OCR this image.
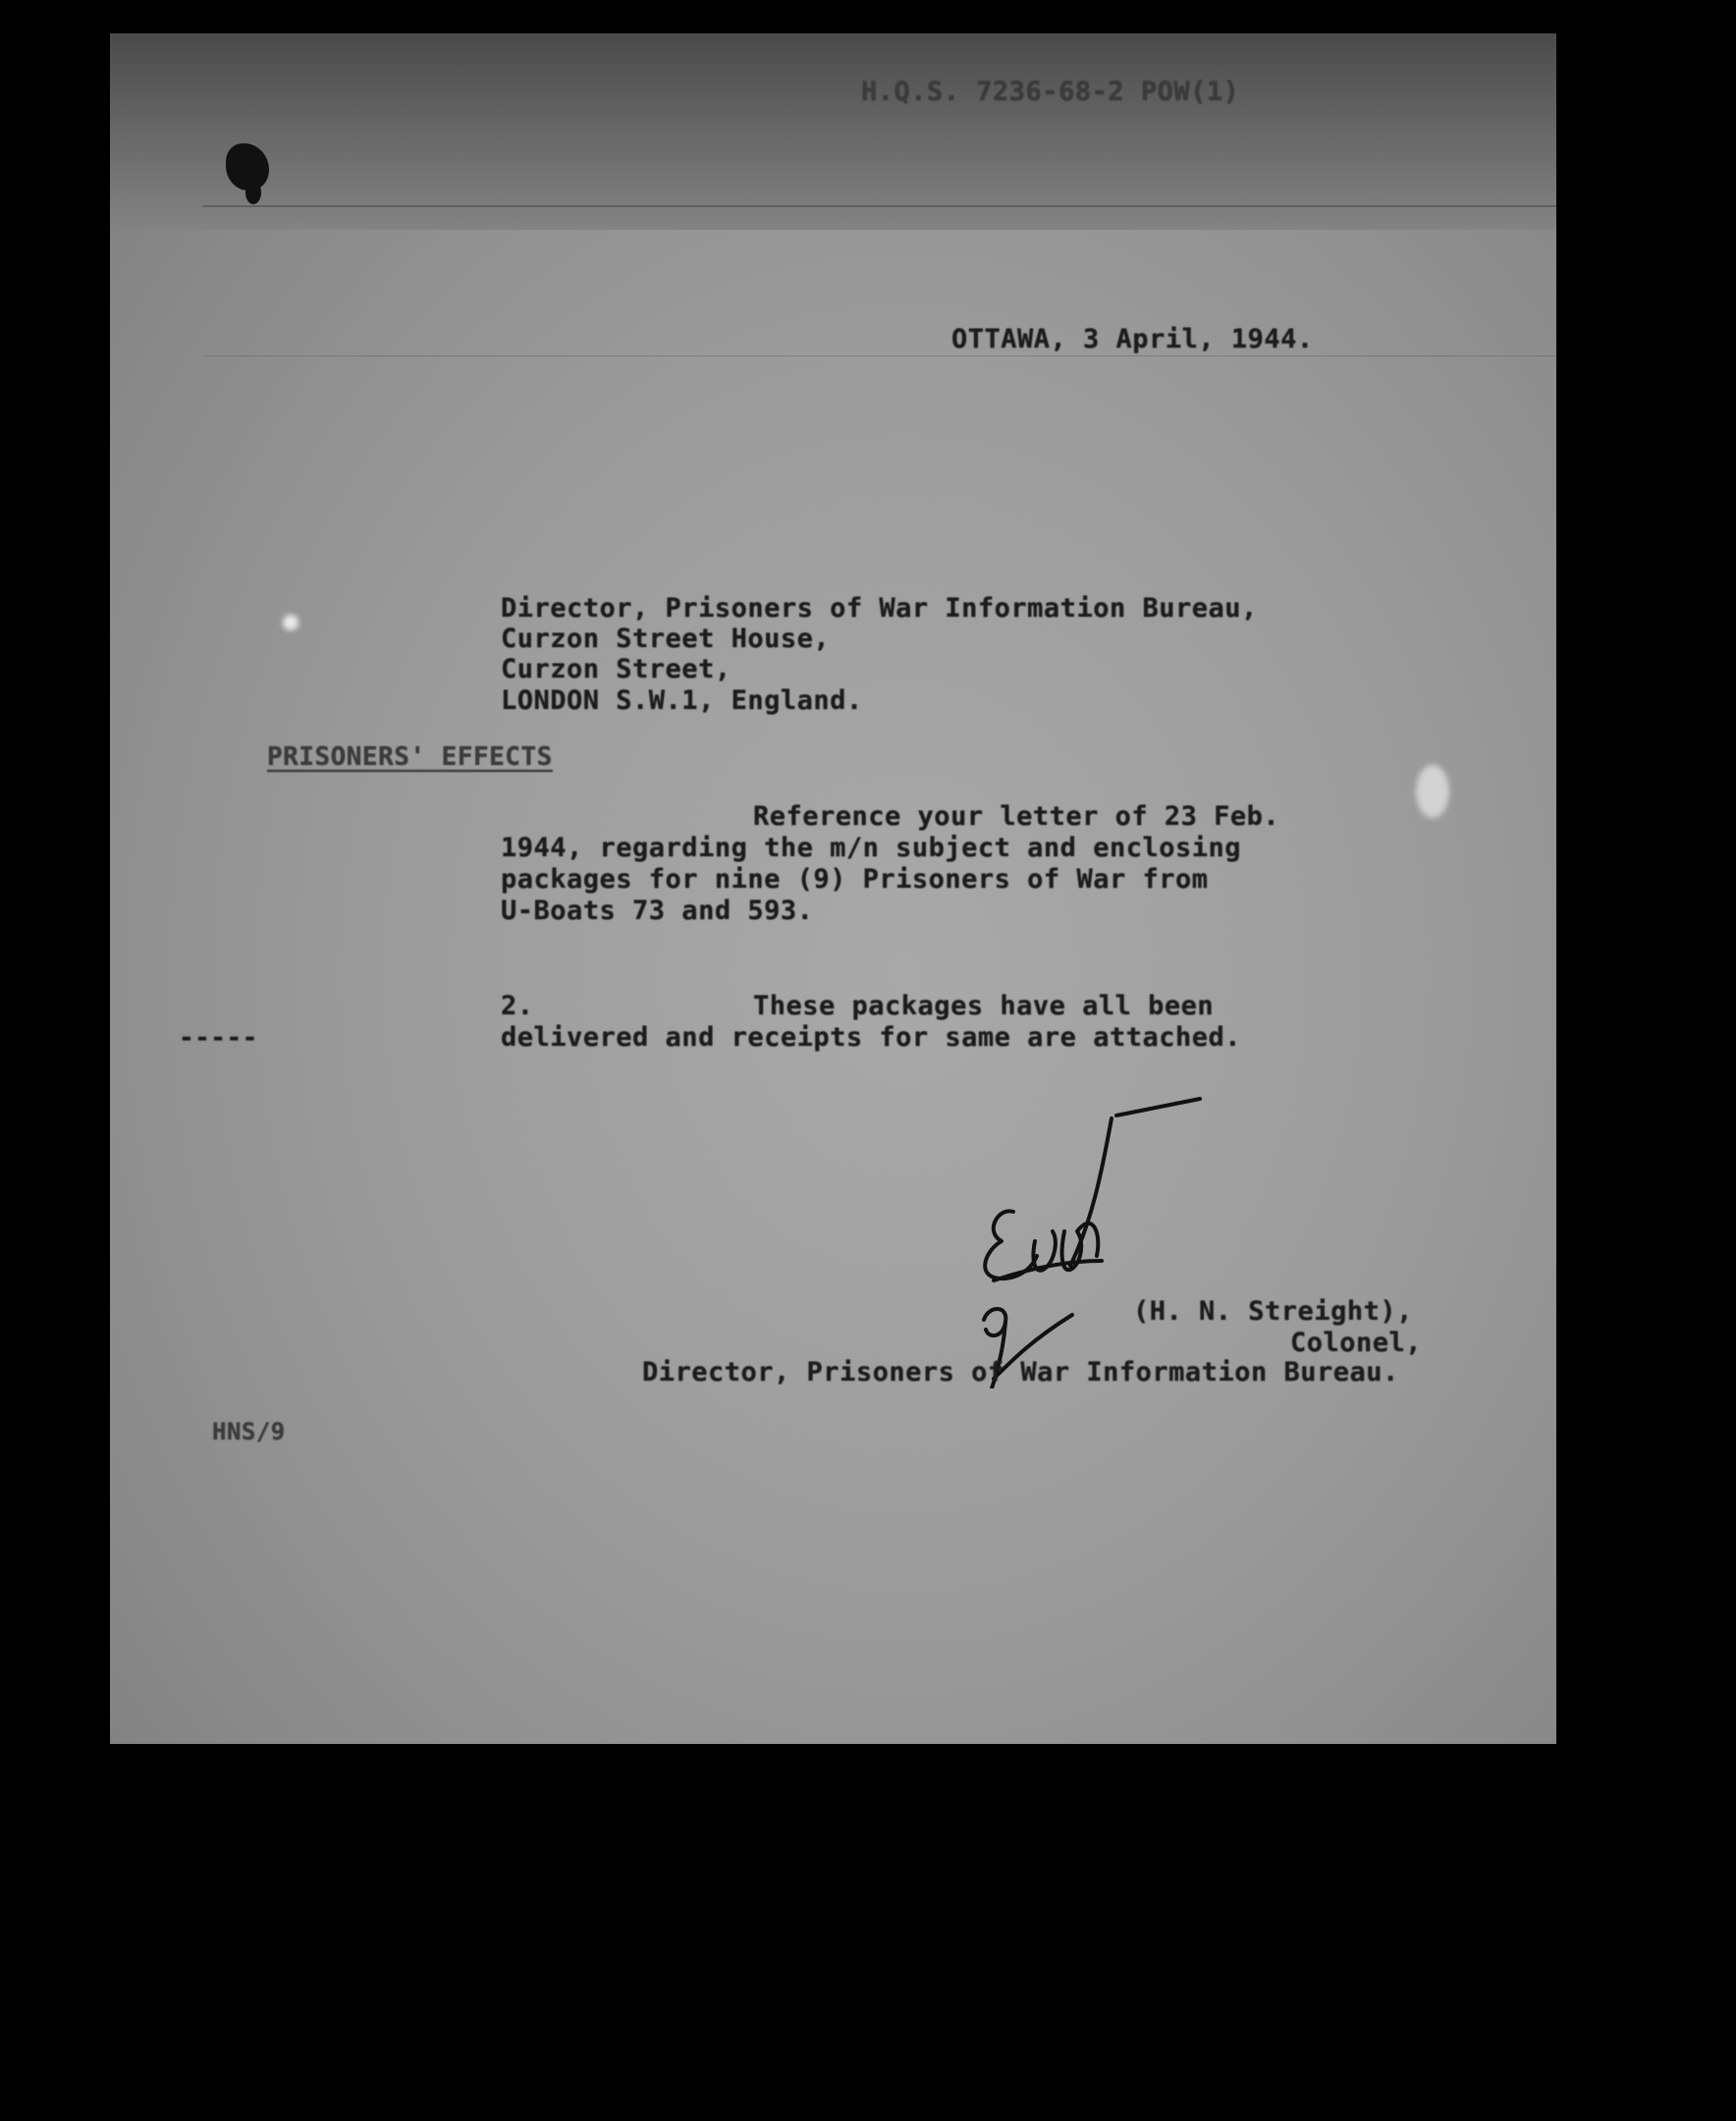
H.Q.S. 7236-68-2 POW(1)
OTTAWA, 3 April, 1944.
Director, Prisoners of War Information Bureau,
Curzon Street House,
Curzon Street,
LONDON S.W.1, England.
PRISONERS' EFFECTS
Reference your letter of 23 Feb.
1944, regarding the m/n subject and enclosing
packages for nine (9) Prisoners of War from
U-Boats 73 and 593.
-----
2.	These packages have all been
delivered and receipts for same are attached.
(H. N. Streight),
Colonel,
Director, Prisoners of War Information Bureau.
HNS/9
